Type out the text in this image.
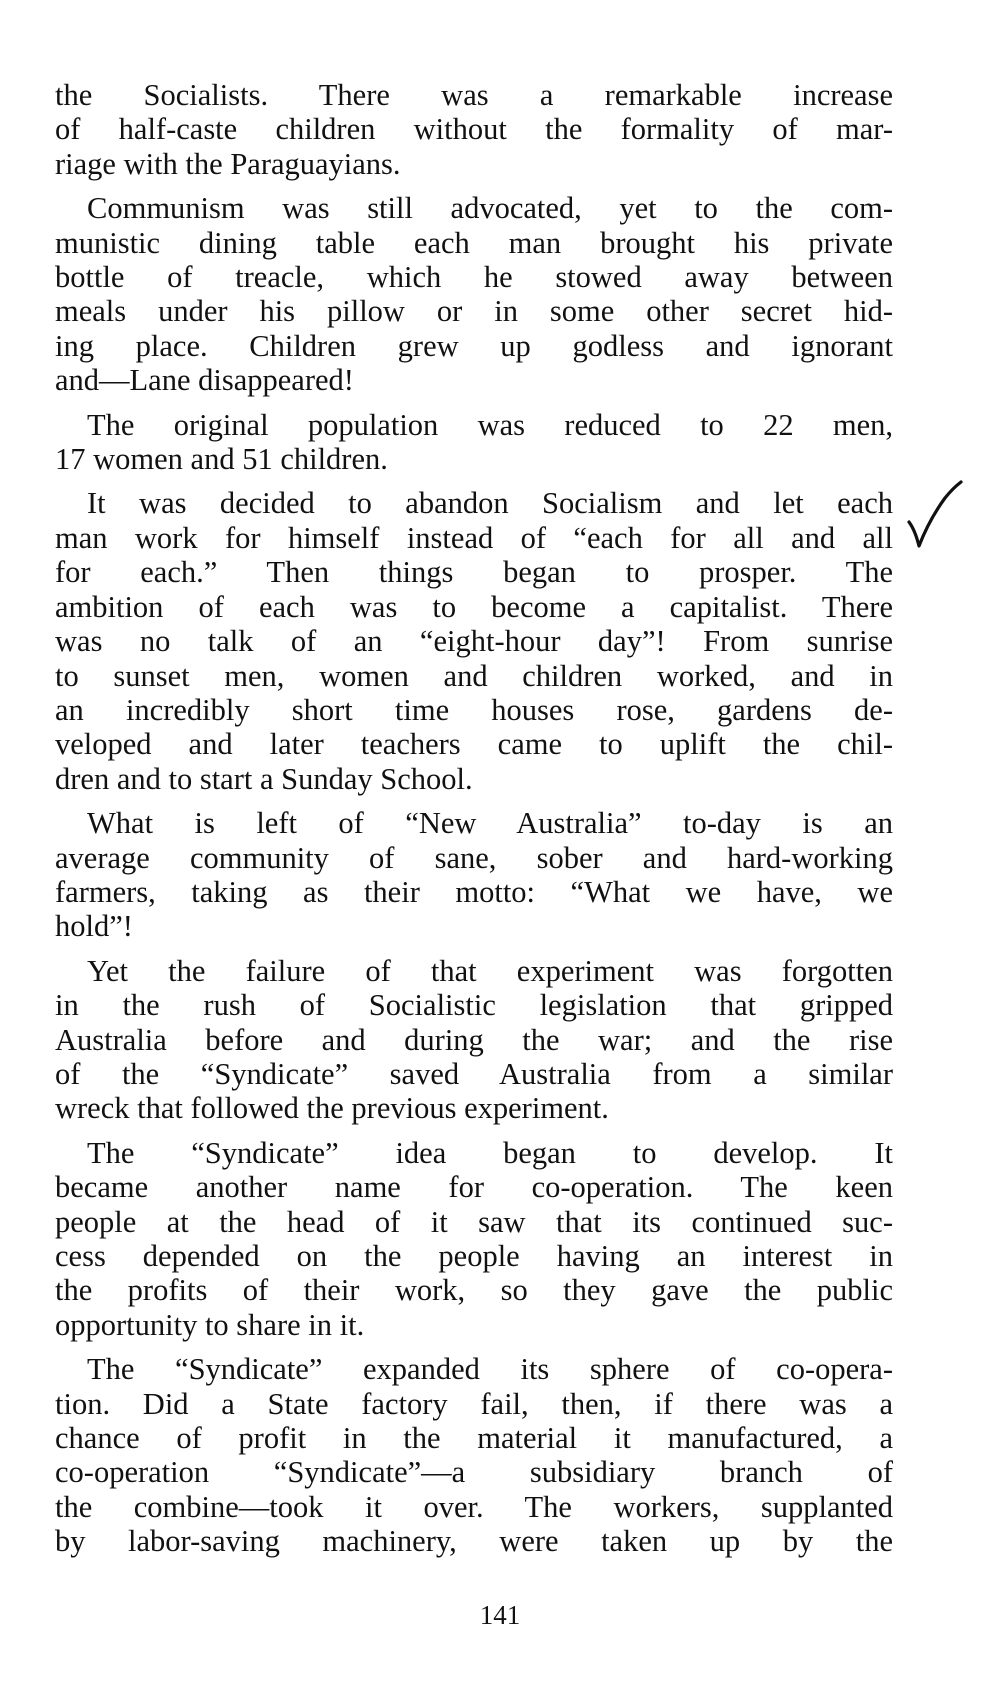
the Socialists. There was a remarkable increase
of half-caste children without the formality of mar-
riage with the Paraguayians.

Communism was still advocated, yet to the com-
munistic dining table each man brought his private
bottle of treacle, which he stowed away between
meals under his pillow or in some other secret hid-
ing place. Children grew up godless and ignorant
and—Lane disappeared!

The original population was reduced to 22 men,
17 women and 51 children.

It was decided to abandon Socialism and let each
man work for himself instead of “each for all and all
for each.” Then things began to prosper. The
ambition of each was to become a capitalist. There
was no talk of an “eight-hour day”! From sunrise
to sunset men, women and children worked, and in
an incredibly short time houses rose, gardens de-
veloped and later teachers came to uplift the chil-
dren and to start a Sunday School.

What is left of “New Australia” to-day is an
average community of sane, sober and hard-working
farmers, taking as their motto: “What we have, we
hold”!

Yet the failure of that experiment was forgotten
in the rush of Socialistic legislation that gripped
Australia before and during the war; and the rise
of the “Syndicate” saved Australia from a similar
wreck that followed the previous experiment.

The “Syndicate” idea began to develop. It
became another name for co-operation. The keen
people at the head of it saw that its continued suc-
cess depended on the people having an interest in
the profits of their work, so they gave the public
opportunity to share in it.

The “Syndicate” expanded its sphere of co-opera-
tion. Did a State factory fail, then, if there was a
chance of profit in the material it manufactured, a
co-operation “Syndicate”—a subsidiary branch of
the combine—took it over. The workers, supplanted
by labor-saving machinery, were taken up by the

141
